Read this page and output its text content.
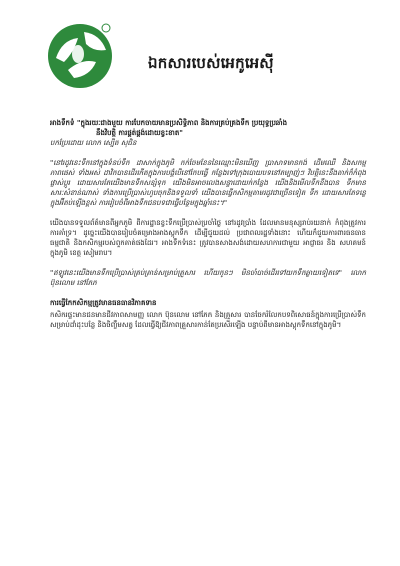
ឯកសារបេស់អេកូអេស៊ី
អាងទឹកទំ "ក្នុងរយៈជាងមួយ ការបែកចាយមានប្រសិទ្ធិភាព និងការគ្រប់គ្រងទឹក ប្រយុទ្ធប្រឆាំង
នឹងវិបត្តិ ការផ្គត់ផ្គង់ដោយខ្វះខាត"
បកប្រែដោយ លោក ស្បើត សុជិន

"នៅរដូវនេះទឹកនៅក្នុងទំនប់ទឹក ដាសាក់ក្នុងភូមិ កក់ចែមខែននៃឈ្មោះមិនឃើញ ប្រាសាទមានកង់ ដើមឈើ និងសកម្មភាពផេស់ ទាំងអស់ ដាវិកបានដើរកើតក្នុងការបង្គំបើនៅកែបធ្វើ កន្លែងទៅក្រុងបោយបទនៅតម្បាញ់ៗ វិបត្តិនេះនឹងតាក់ក៏កំពុងផ្លាស់ប្តូរ ដោយសារតែយើងមានទឹកសន្សំទុក យើងមិនអាចលេងសន្ទាដោយក់កន្លែង យើងនិងមើលទឹកខឹងបាន ទឹកមានសារៈសំខាន់ណាស់ ទាំងការប្រើប្រាស់ហូបចុកនិងទទួលទាំ យើងបានធ្វើកសិកម្មតាមរដូវជាច្រើនទៀត ទឹក ដោយសារតែទន្លេក្នុងអ៊ីតប់ឡើងខ្ពស់ ការរៀបចំពីអាងទឹកជនបទជាធ្វើបន្ថែមក្នុងឆ្នាំនេះ។"

យើងបានទទួលព័ត៌មានពីអ្នកភូមិ ពីការដ្ឋានខ្វះទឹកប្រើប្រាស់ប្រចាំថ្ងៃ នៅរដូវប្រាំង ដែលមានមនុស្សរាប់រយនាក់ កំពុងត្រូវការការគាំទ្រ។ ដូច្នេះយើងបានរៀបចំគម្រោងអាងស្តុកទឹក ដើម្បីជួយដល់ ប្រជាពលរដ្ឋទាំងនោះ ហើយក៏ជួយការពារធនធានធម្មជាតិ និងកសិកម្មរបស់ពួកគាត់ផងដែរ។ អាងទឹកទំនេះ ត្រូវបានសាងសង់ដោយសហការជាមួយ អាជ្ញាធរ និង សហគមន៍ ក្នុងភូមិ ខេត្ត សៀមរាប។

"ឥឡូវនេះយើងមានទឹកប្រើប្រាស់គ្រប់គ្រាន់សម្រាប់គ្រួសារ ហើយកូនៗ មិនចាំបាច់ដើរទៅយកទឹកឆ្ងាយទៀតទេ" លោក ប៊ុនលោម នៅភែភ

ការធ្វើកែកសិកម្មត្រូវមានធនធានវិភាគទាន

កសិករផ្ទះមានជនមានជីវភាពសាមញ្ញ លោក ប៊ុនលោម នៅភែភ និងគ្រួសារ បានចែករំលែកបទពិសោធន៍ក្នុងការប្រើប្រាស់ទឹកសម្រាប់ដាំដុះបន្លែ និងចិញ្ចឹមសត្វ ដែលធ្វើឱ្យជីវភាពគ្រួសារកាន់តែប្រសើរឡើង បន្ទាប់ពីមានអាងស្តុកទឹកនៅក្នុងភូមិ។
